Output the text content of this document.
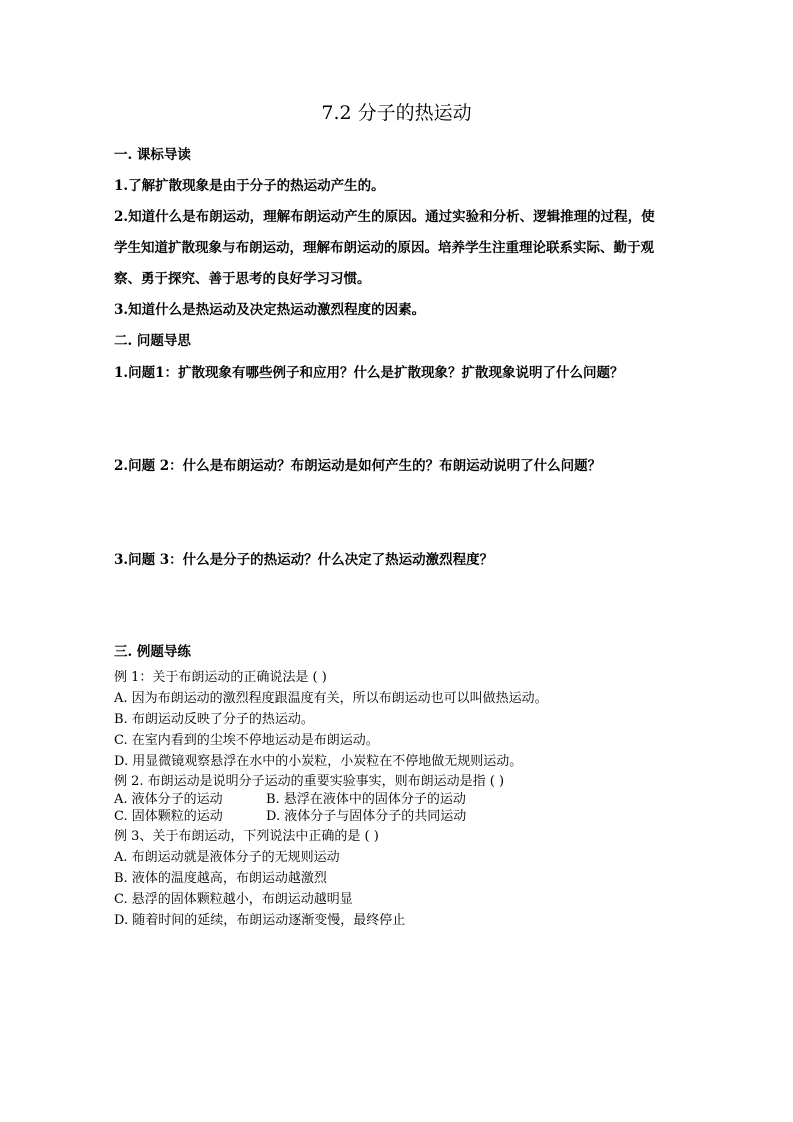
7.2 分子的热运动
一. 课标导读
1.了解扩散现象是由于分子的热运动产生的。
2.知道什么是布朗运动，理解布朗运动产生的原因。通过实验和分析、逻辑推理的过程，使
学生知道扩散现象与布朗运动，理解布朗运动的原因。培养学生注重理论联系实际、勤于观
察、勇于探究、善于思考的良好学习习惯。
3.知道什么是热运动及决定热运动激烈程度的因素。
二. 问题导思
1.问题1：扩散现象有哪些例子和应用？什么是扩散现象？扩散现象说明了什么问题？
2.问题 2：什么是布朗运动？布朗运动是如何产生的？布朗运动说明了什么问题？
3.问题 3：什么是分子的热运动？什么决定了热运动激烈程度？
三. 例题导练
例 1：关于布朗运动的正确说法是 ( )
A. 因为布朗运动的激烈程度跟温度有关，所以布朗运动也可以叫做热运动。
B. 布朗运动反映了分子的热运动。
C. 在室内看到的尘埃不停地运动是布朗运动。
D. 用显微镜观察悬浮在水中的小炭粒，小炭粒在不停地做无规则运动。
例 2. 布朗运动是说明分子运动的重要实验事实，则布朗运动是指 ( )
A. 液体分子的运动	B. 悬浮在液体中的固体分子的运动
C. 固体颗粒的运动	D. 液体分子与固体分子的共同运动
例 3、关于布朗运动，下列说法中正确的是 ( )
A. 布朗运动就是液体分子的无规则运动
B. 液体的温度越高，布朗运动越激烈
C. 悬浮的固体颗粒越小，布朗运动越明显
D. 随着时间的延续，布朗运动逐渐变慢，最终停止
